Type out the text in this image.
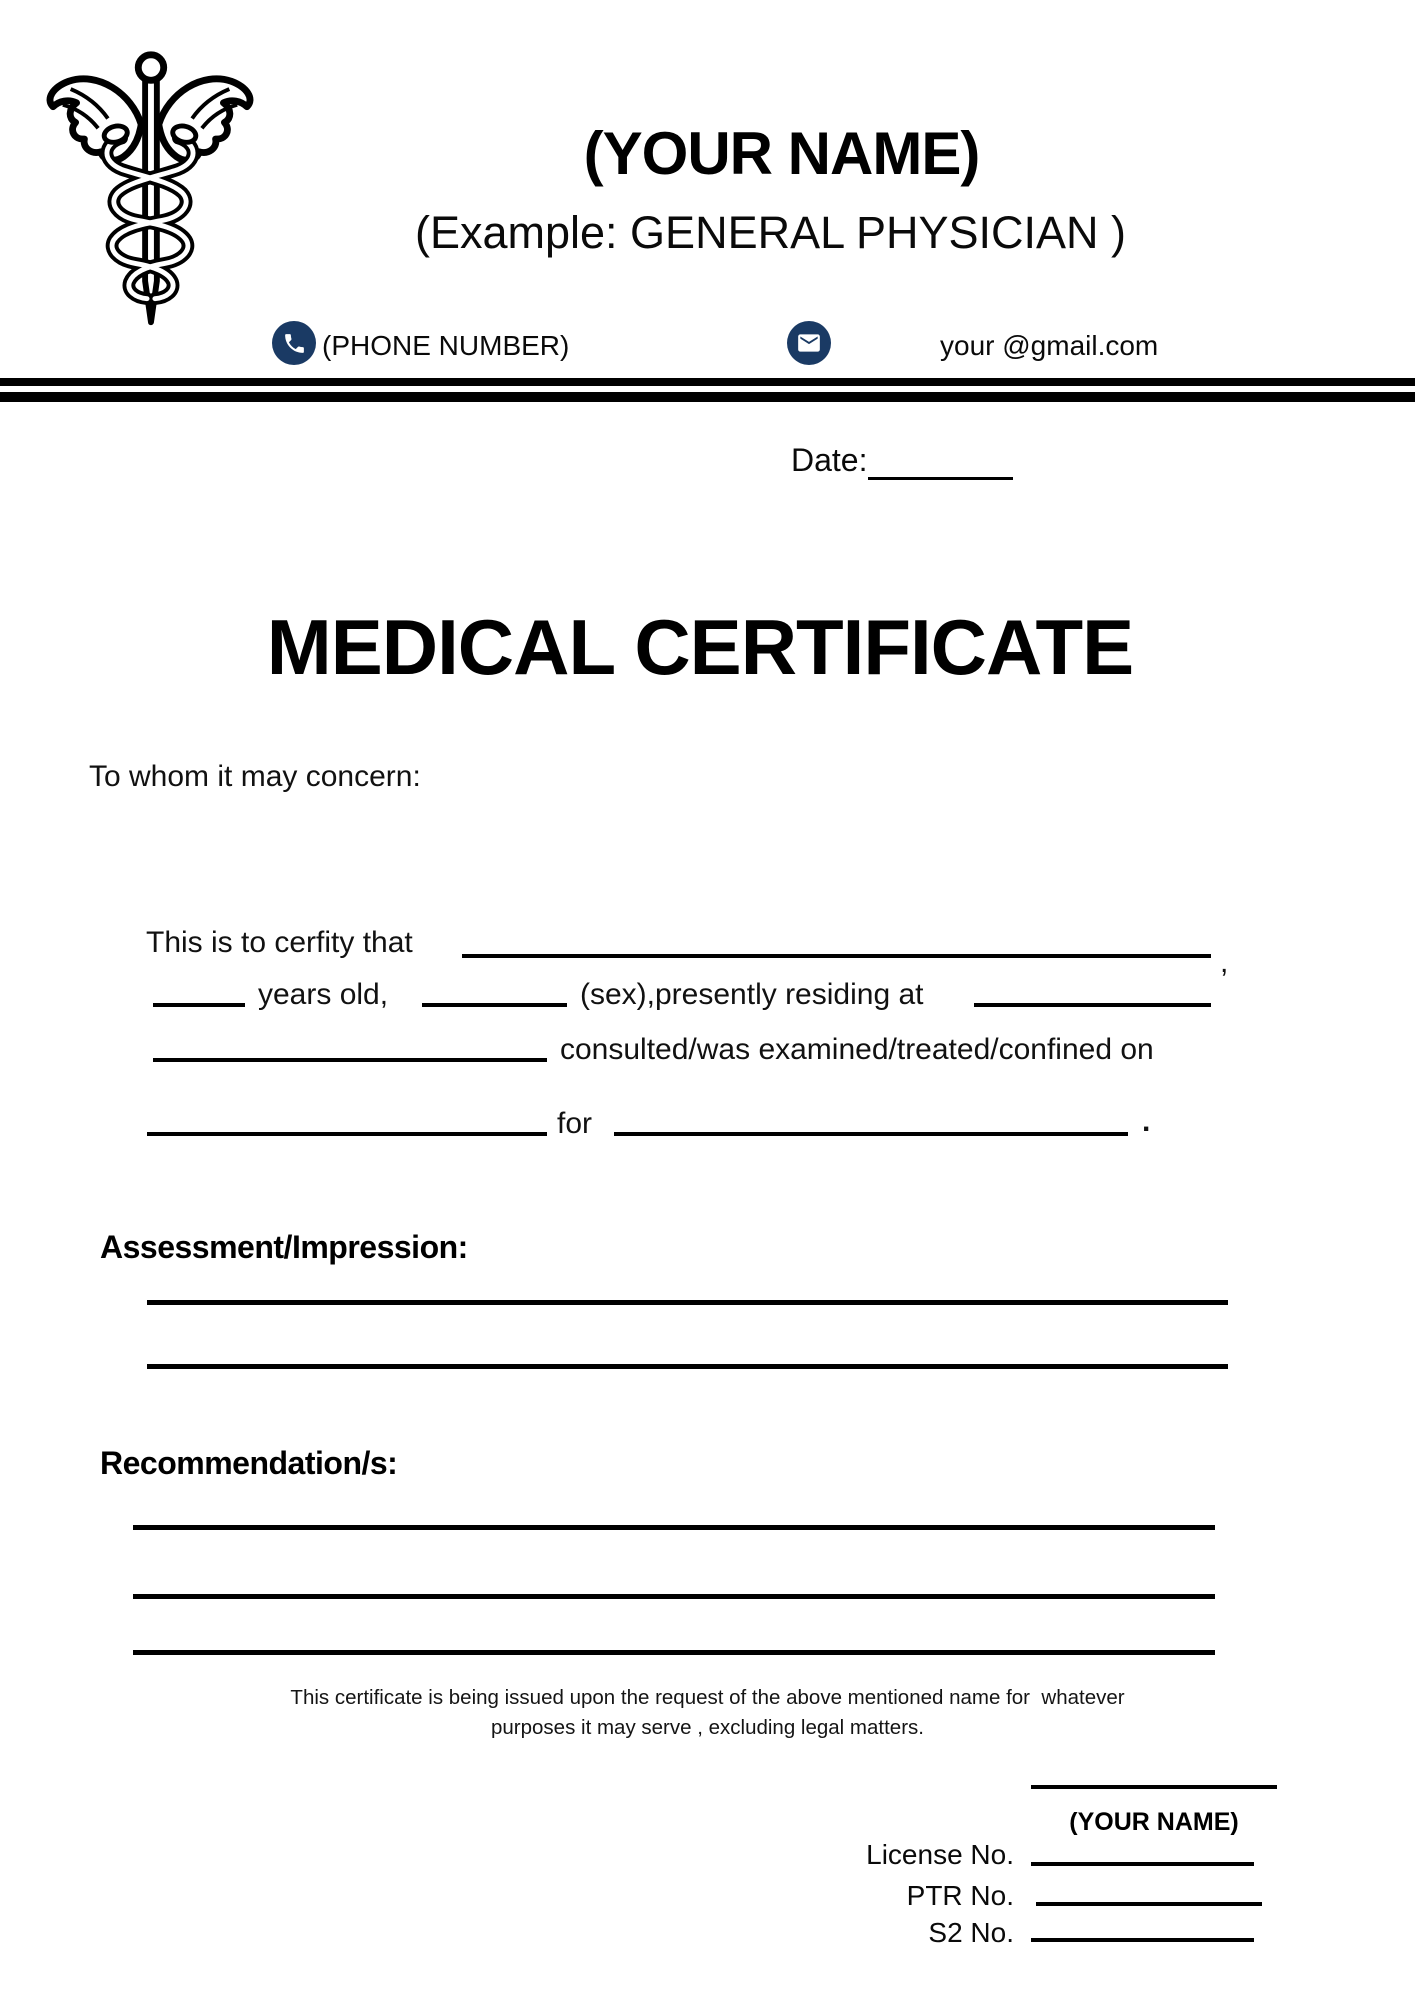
(YOUR NAME)
(Example: GENERAL PHYSICIAN )
(PHONE NUMBER)	your @gmail.com
Date:
MEDICAL CERTIFICATE
To whom it may concern:
This is to cerfity that
,
years old,	(sex),presently residing at
consulted/was examined/treated/confined on
for	.
Assessment/Impression:
Recommendation/s:
This certificate is being issued upon the request of the above mentioned name for  whatever
purposes it may serve , excluding legal matters.
(YOUR NAME)
License No.
PTR No.
S2 No.
